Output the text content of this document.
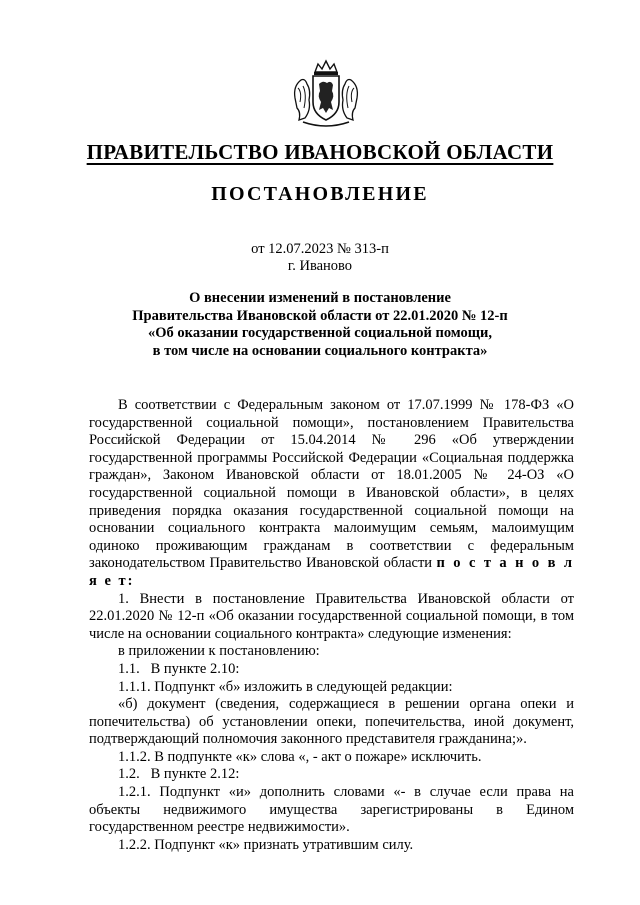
ПРАВИТЕЛЬСТВО ИВАНОВСКОЙ ОБЛАСТИ
ПОСТАНОВЛЕНИЕ
от 12.07.2023 № 313-п
г. Иваново
О внесении изменений в постановление
Правительства Ивановской области от 22.01.2020 № 12-п
«Об оказании государственной социальной помощи,
в том числе на основании социального контракта»

В соответствии с Федеральным законом от 17.07.1999 № 178-ФЗ «О государственной социальной помощи», постановлением Правительства Российской Федерации от 15.04.2014 № 296 «Об утверждении государственной программы Российской Федерации «Социальная поддержка граждан», Законом Ивановской области от 18.01.2005 № 24-ОЗ «О государственной социальной помощи в Ивановской области», в целях приведения порядка оказания государственной социальной помощи на основании социального контракта малоимущим семьям, малоимущим одиноко проживающим гражданам в соответствии с федеральным законодательством Правительство Ивановской области п о с т а н о в л я е т:

1. Внести в постановление Правительства Ивановской области от 22.01.2020 № 12-п «Об оказании государственной социальной помощи, в том числе на основании социального контракта» следующие изменения:

в приложении к постановлению:

1.1.   В пункте 2.10:

1.1.1. Подпункт «б» изложить в следующей редакции:

«б) документ (сведения, содержащиеся в решении органа опеки и попечительства) об установлении опеки, попечительства, иной документ, подтверждающий полномочия законного представителя гражданина;».

1.1.2. В подпункте «к» слова «, - акт о пожаре» исключить.

1.2.   В пункте 2.12:

1.2.1. Подпункт «и» дополнить словами «- в случае если права на объекты недвижимого имущества зарегистрированы в Едином государственном реестре недвижимости».

1.2.2. Подпункт «к» признать утратившим силу.
